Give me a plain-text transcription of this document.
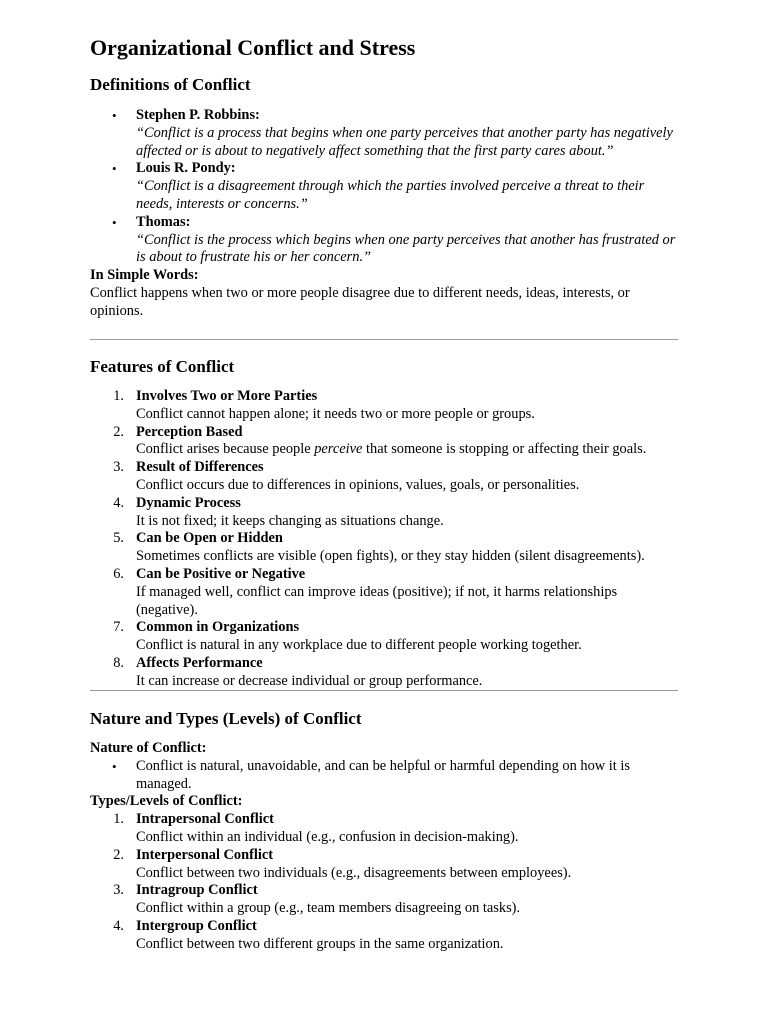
Organizational Conflict and Stress
Definitions of Conflict
• Stephen P. Robbins:
“Conflict is a process that begins when one party perceives that another party has negatively affected or is about to negatively affect something that the first party cares about.”
• Louis R. Pondy:
“Conflict is a disagreement through which the parties involved perceive a threat to their needs, interests or concerns.”
• Thomas:
“Conflict is the process which begins when one party perceives that another has frustrated or is about to frustrate his or her concern.”
In Simple Words:
Conflict happens when two or more people disagree due to different needs, ideas, interests, or opinions.
Features of Conflict
1. Involves Two or More Parties
Conflict cannot happen alone; it needs two or more people or groups.
2. Perception Based
Conflict arises because people perceive that someone is stopping or affecting their goals.
3. Result of Differences
Conflict occurs due to differences in opinions, values, goals, or personalities.
4. Dynamic Process
It is not fixed; it keeps changing as situations change.
5. Can be Open or Hidden
Sometimes conflicts are visible (open fights), or they stay hidden (silent disagreements).
6. Can be Positive or Negative
If managed well, conflict can improve ideas (positive); if not, it harms relationships (negative).
7. Common in Organizations
Conflict is natural in any workplace due to different people working together.
8. Affects Performance
It can increase or decrease individual or group performance.
Nature and Types (Levels) of Conflict
Nature of Conflict:
• Conflict is natural, unavoidable, and can be helpful or harmful depending on how it is managed.
Types/Levels of Conflict:
1. Intrapersonal Conflict
Conflict within an individual (e.g., confusion in decision-making).
2. Interpersonal Conflict
Conflict between two individuals (e.g., disagreements between employees).
3. Intragroup Conflict
Conflict within a group (e.g., team members disagreeing on tasks).
4. Intergroup Conflict
Conflict between two different groups in the same organization.
